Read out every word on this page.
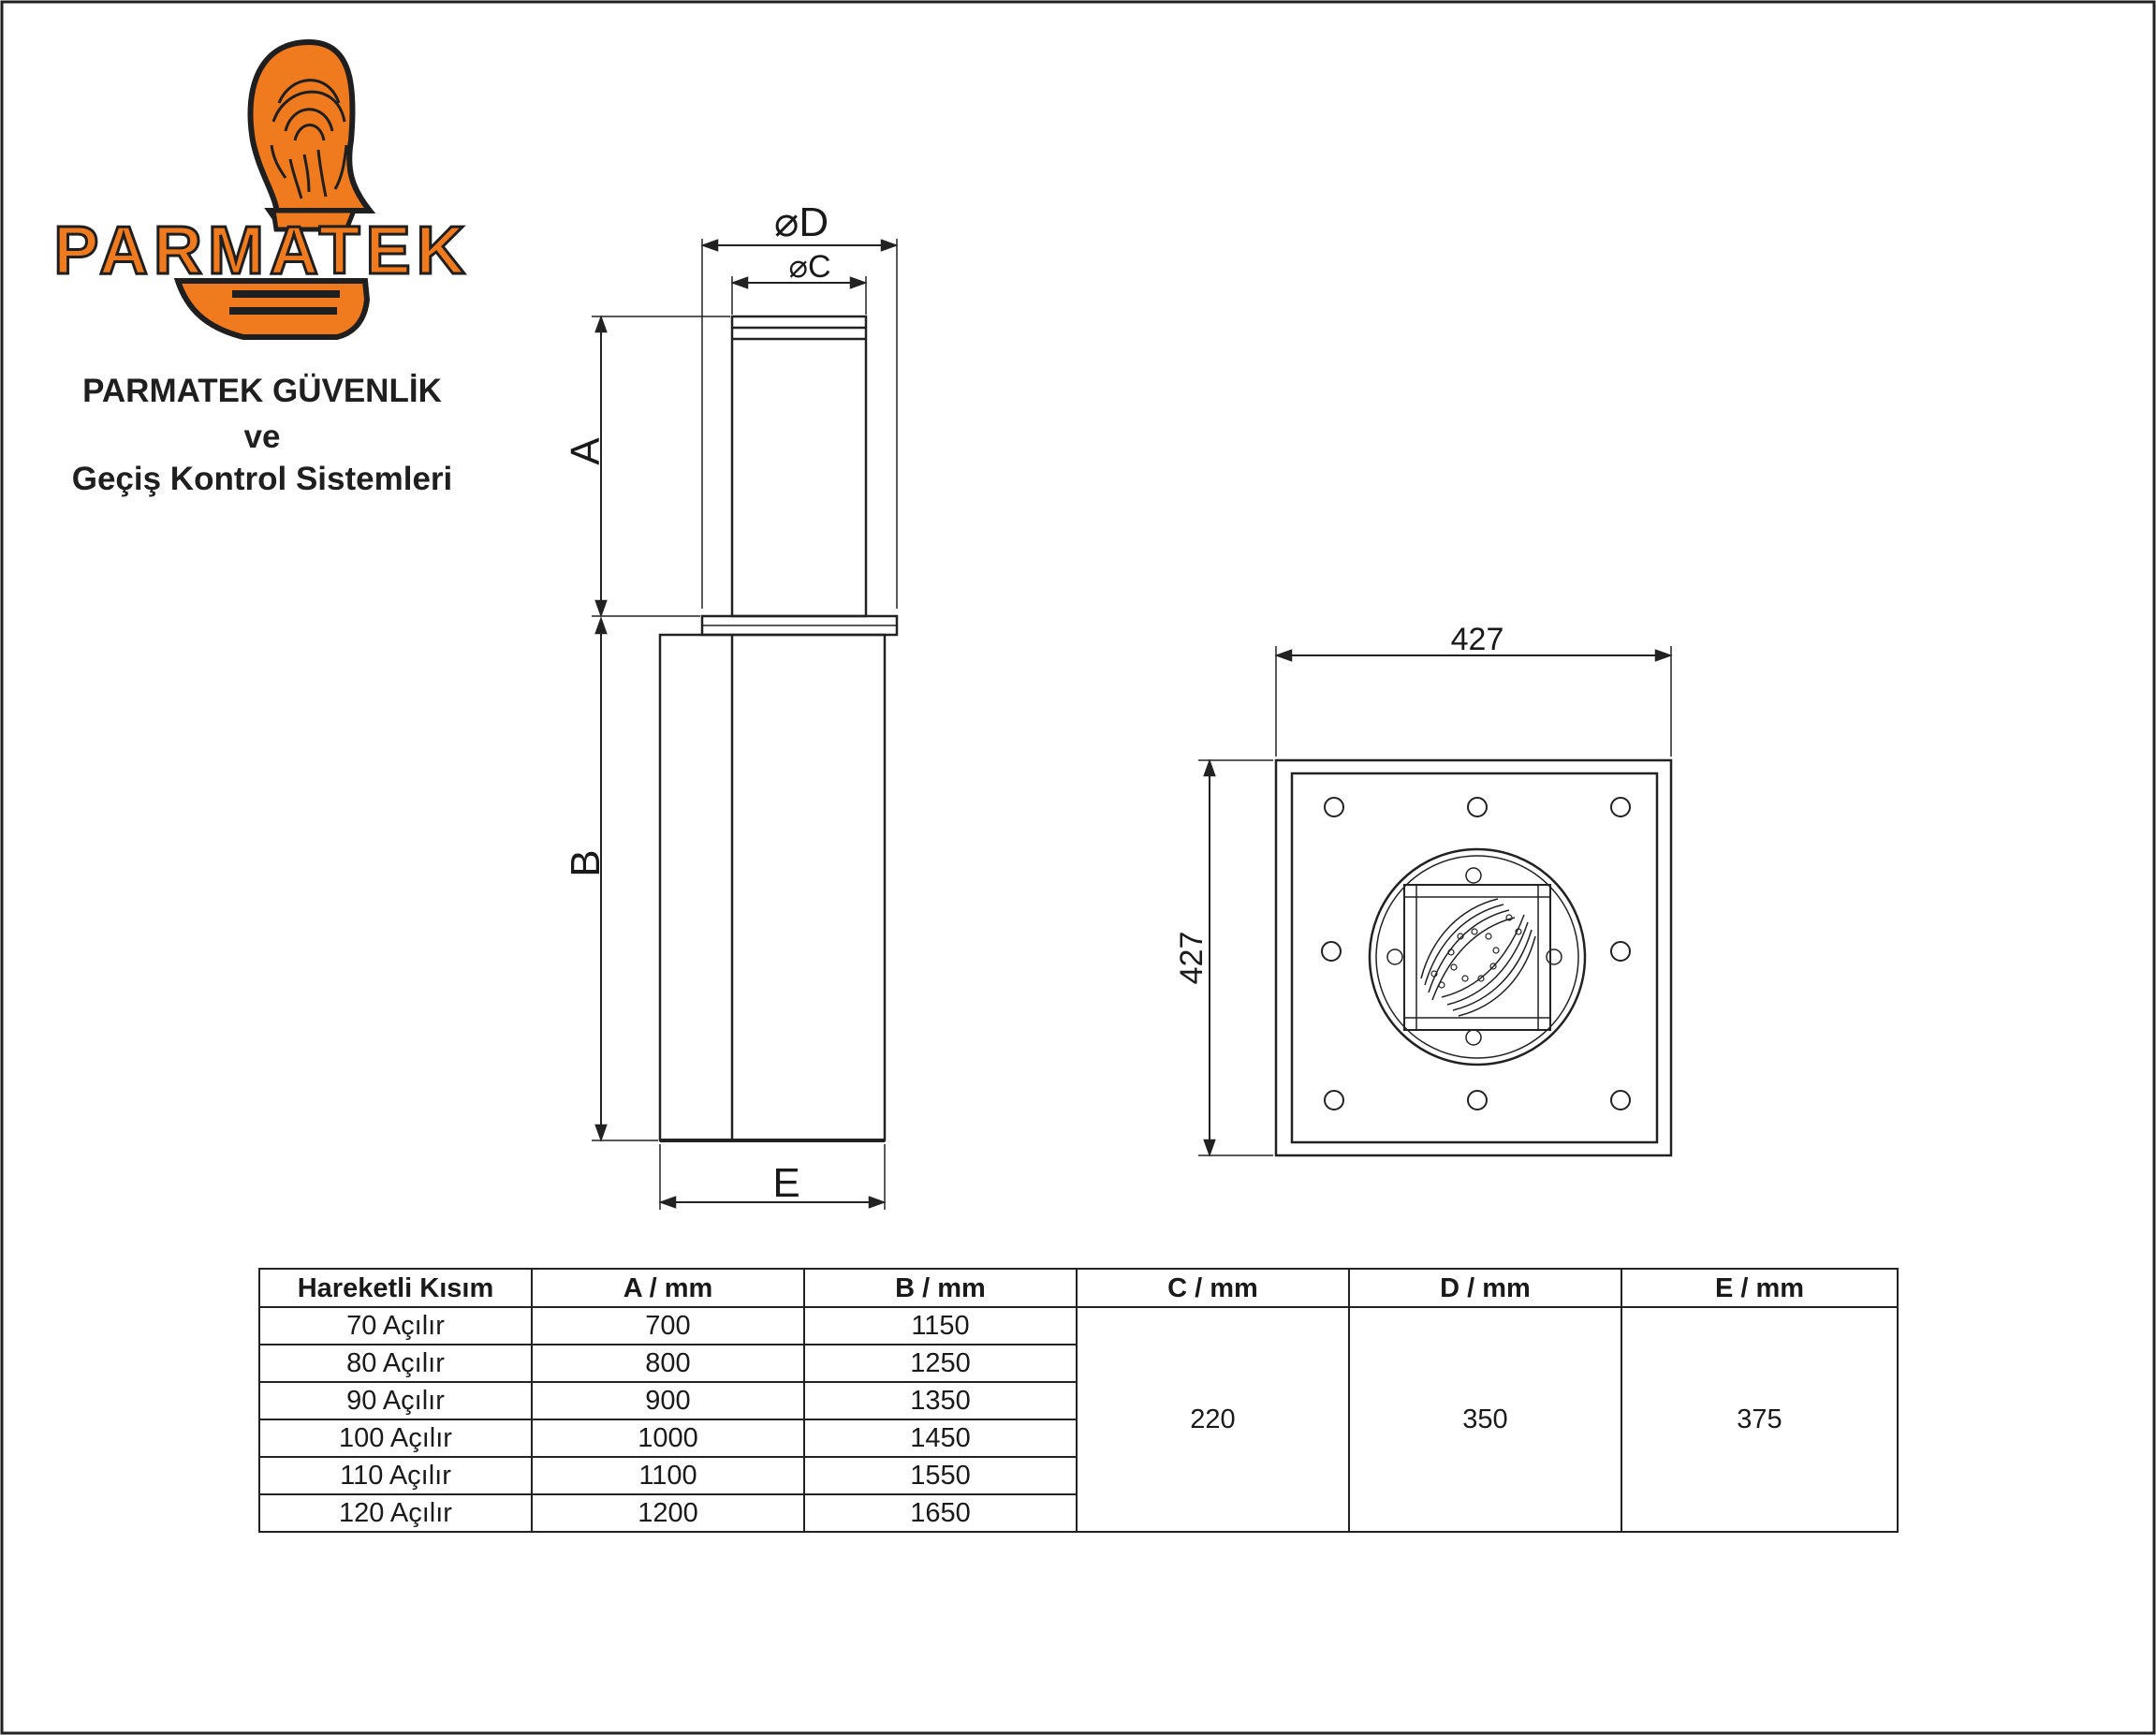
PARMATEK
PARMATEK GÜVENLİK
ve
Geçiş Kontrol Sistemleri
⌀D
⌀C
A
B
E
427
427
Hareketli Kısım	A / mm	B / mm	C / mm	D / mm	E / mm
70 Açılır	700	1150	220	350	375
80 Açılır	800	1250			
90 Açılır	900	1350			
100 Açılır	1000	1450			
110 Açılır	1100	1550			
120 Açılır	1200	1650			
